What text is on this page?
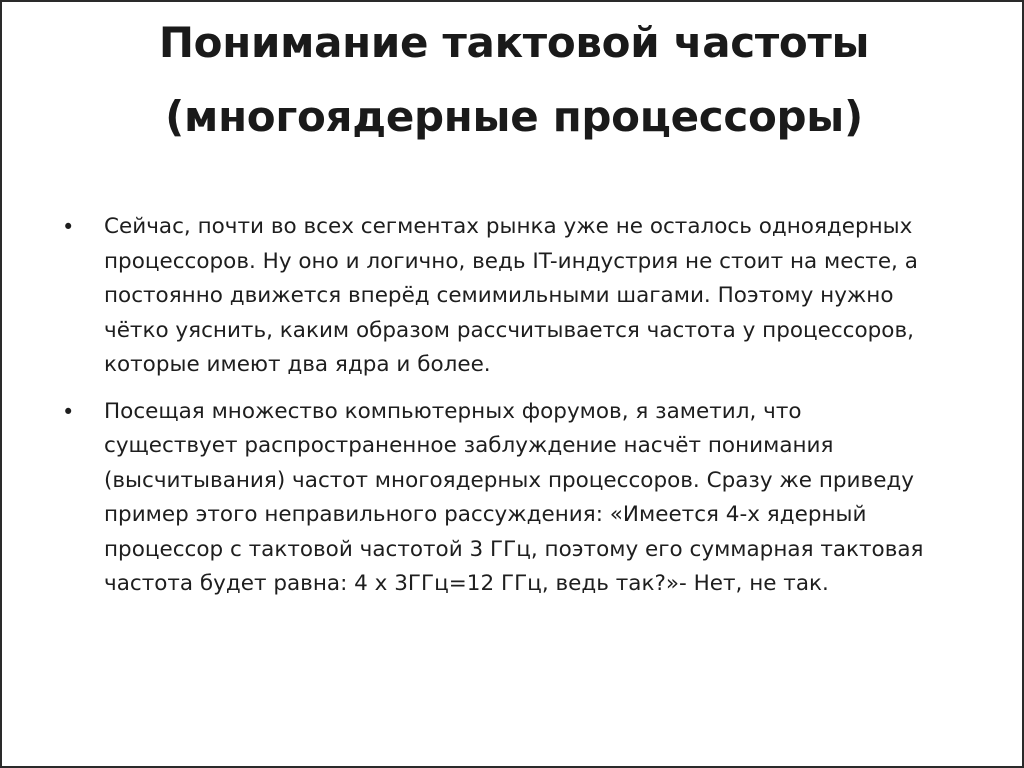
Понимание тактовой частоты
(многоядерные процессоры)
•	Сейчас, почти во всех сегментах рынка уже не осталось одноядерных
процессоров. Ну оно и логично, ведь IT-индустрия не стоит на месте, а
постоянно движется вперёд семимильными шагами. Поэтому нужно
чётко уяснить, каким образом рассчитывается частота у процессоров,
которые имеют два ядра и более.
•	Посещая множество компьютерных форумов, я заметил, что
существует распространенное заблуждение насчёт понимания
(высчитывания) частот многоядерных процессоров. Сразу же приведу
пример этого неправильного рассуждения: «Имеется 4-х ядерный
процессор с тактовой частотой 3 ГГц, поэтому его суммарная тактовая
частота будет равна: 4 х 3ГГц=12 ГГц, ведь так?»- Нет, не так.
